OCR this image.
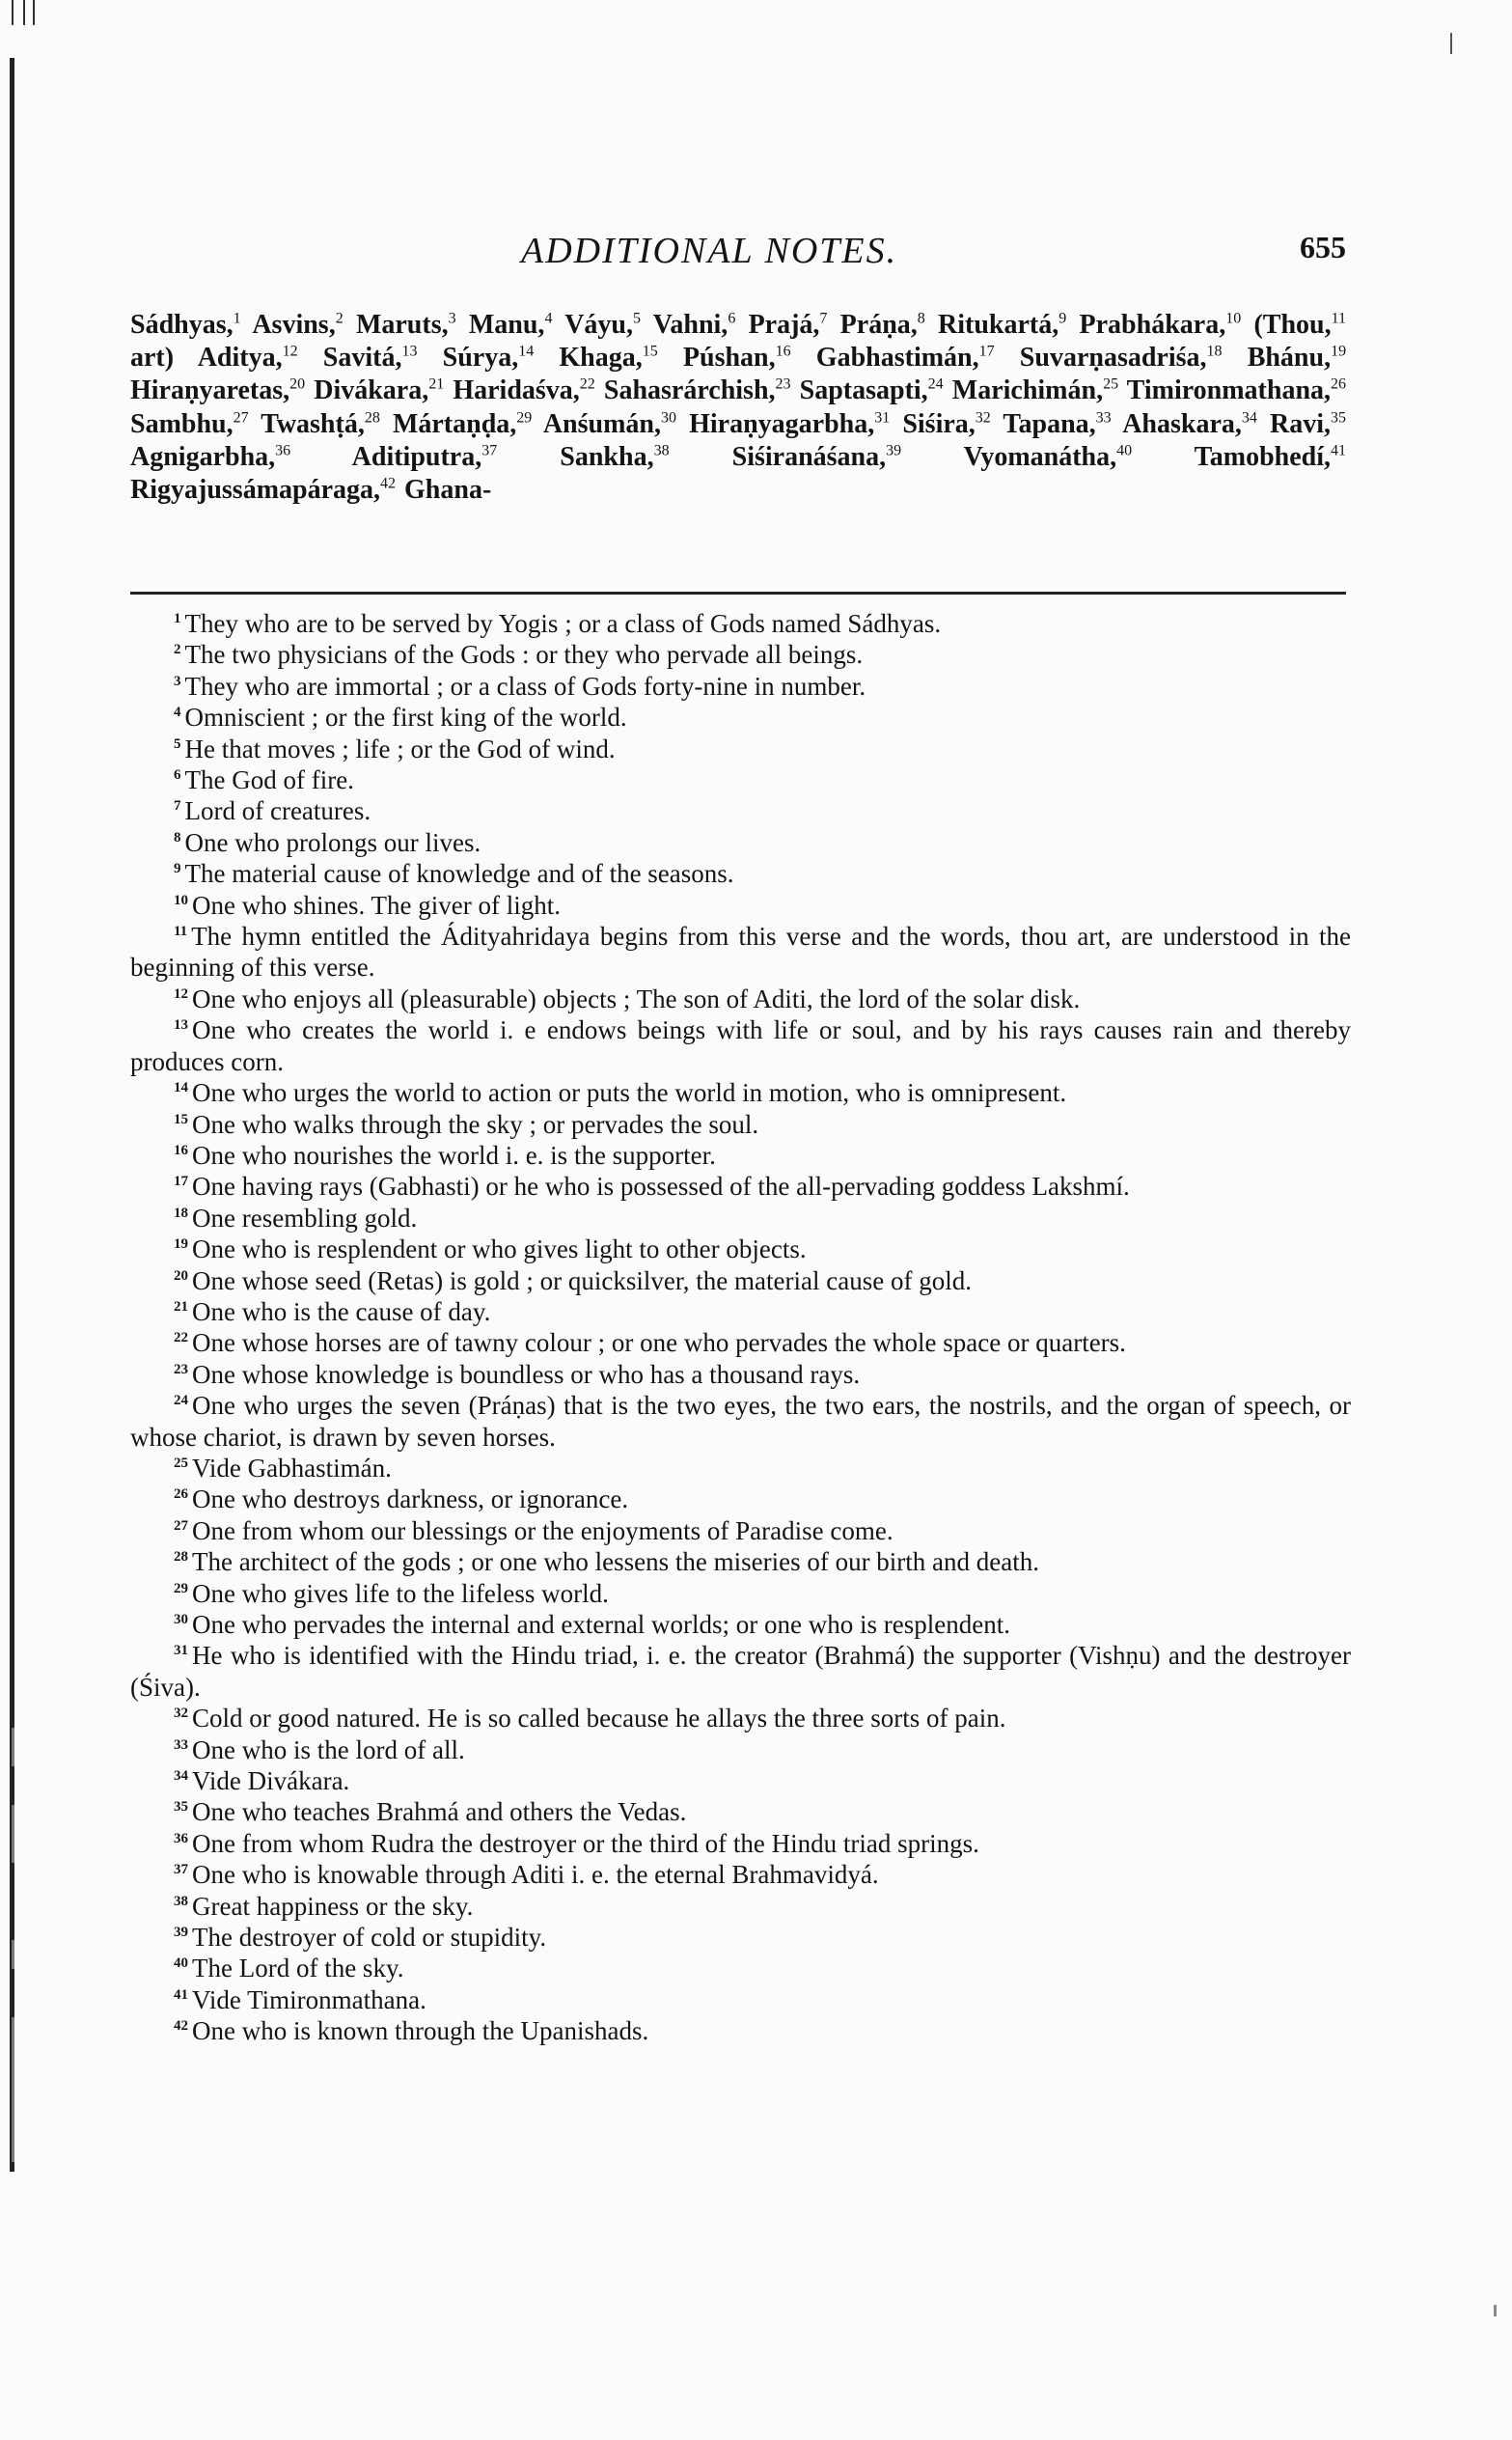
ADDITIONAL NOTES.	655
Sádhyas,$^1$ Asvins,$^2$ Maruts,$^3$ Manu,$^4$ Váyu,$^5$ Vahni,$^6$ Prajá,$^7$ Práṇa,$^8$ Ritukartá,$^9$ Prabhákara,$^{10}$ (Thou,$^{11}$ art) Aditya,$^{12}$ Savitá,$^{13}$ Súrya,$^{14}$ Khaga,$^{15}$ Púshan,$^{16}$ Gabhastimán,$^{17}$ Suvarṇasadriśa,$^{18}$ Bhánu,$^{19}$ Hiraṇyaretas,$^{20}$ Divákara,$^{21}$ Haridaśva,$^{22}$ Sahasrárchish,$^{23}$ Saptasapti,$^{24}$ Marichimán,$^{25}$ Timironmathana,$^{26}$ Sambhu,$^{27}$ Twashṭá,$^{28}$ Mártaṇḍa,$^{29}$ Anśumán,$^{30}$ Hiraṇyagarbha,$^{31}$ Siśira,$^{32}$ Tapana,$^{33}$ Ahaskara,$^{34}$ Ravi,$^{35}$ Agnigarbha,$^{36}$ Aditiputra,$^{37}$ Sankha,$^{38}$ Siśiranáśana,$^{39}$ Vyomanátha,$^{40}$ Tamobhedí,$^{41}$ Rigyajussámapáraga,$^{42}$ Ghana-
$^1$ They who are to be served by Yogis ; or a class of Gods named Sádhyas.
$^2$ The two physicians of the Gods : or they who pervade all beings.
$^3$ They who are immortal ; or a class of Gods forty-nine in number.
$^4$ Omniscient ; or the first king of the world.
$^5$ He that moves ; life ; or the God of wind.
$^6$ The God of fire.
$^7$ Lord of creatures.
$^8$ One who prolongs our lives.
$^9$ The material cause of knowledge and of the seasons.
$^{10}$ One who shines. The giver of light.
$^{11}$ The hymn entitled the Ádityahridaya begins from this verse and the words, thou art, are understood in the beginning of this verse.
$^{12}$ One who enjoys all (pleasurable) objects ; The son of Aditi, the lord of the solar disk.
$^{13}$ One who creates the world i. e endows beings with life or soul, and by his rays causes rain and thereby produces corn.
$^{14}$ One who urges the world to action or puts the world in motion, who is omnipresent.
$^{15}$ One who walks through the sky ; or pervades the soul.
$^{16}$ One who nourishes the world i. e. is the supporter.
$^{17}$ One having rays (Gabhasti) or he who is possessed of the all-pervading goddess Lakshmí.
$^{18}$ One resembling gold.
$^{19}$ One who is resplendent or who gives light to other objects.
$^{20}$ One whose seed (Retas) is gold ; or quicksilver, the material cause of gold.
$^{21}$ One who is the cause of day.
$^{22}$ One whose horses are of tawny colour ; or one who pervades the whole space or quarters.
$^{23}$ One whose knowledge is boundless or who has a thousand rays.
$^{24}$ One who urges the seven (Práṇas) that is the two eyes, the two ears, the nostrils, and the organ of speech, or whose chariot, is drawn by seven horses.
$^{25}$ Vide Gabhastimán.
$^{26}$ One who destroys darkness, or ignorance.
$^{27}$ One from whom our blessings or the enjoyments of Paradise come.
$^{28}$ The architect of the gods ; or one who lessens the miseries of our birth and death.
$^{29}$ One who gives life to the lifeless world.
$^{30}$ One who pervades the internal and external worlds; or one who is resplendent.
$^{31}$ He who is identified with the Hindu triad, i. e. the creator (Brahmá) the supporter (Vishṇu) and the destroyer (Śiva).
$^{32}$ Cold or good natured. He is so called because he allays the three sorts of pain.
$^{33}$ One who is the lord of all.
$^{34}$ Vide Divákara.
$^{35}$ One who teaches Brahmá and others the Vedas.
$^{36}$ One from whom Rudra the destroyer or the third of the Hindu triad springs.
$^{37}$ One who is knowable through Aditi i. e. the eternal Brahmavidyá.
$^{38}$ Great happiness or the sky.
$^{39}$ The destroyer of cold or stupidity.
$^{40}$ The Lord of the sky.
$^{41}$ Vide Timironmathana.
$^{42}$ One who is known through the Upanishads.
